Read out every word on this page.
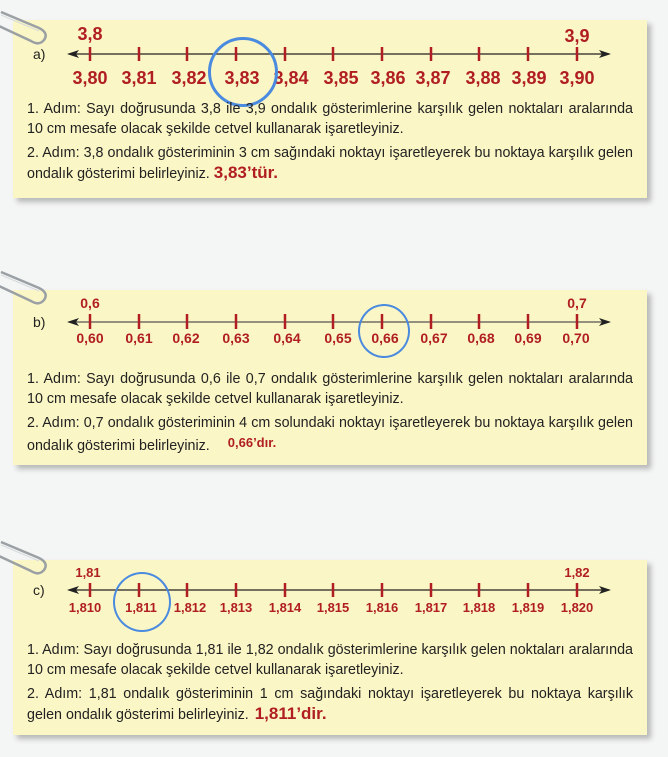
a)
3,8	3,9
3,80 3,81 3,82 3,83 3,84 3,85 3,86 3,87 3,88 3,89 3,90

1. Adım: Sayı doğrusunda 3,8 ile 3,9 ondalık gösterimlerine karşılık gelen noktaları aralarında 10 cm mesafe olacak şekilde cetvel kullanarak işaretleyiniz.

2. Adım: 3,8 ondalık gösteriminin 3 cm sağındaki noktayı işaretleyerek bu noktaya karşılık gelen ondalık gösterimi belirleyiniz. 3,83’tür.

b)
0,6	0,7
0,60 0,61 0,62 0,63 0,64 0,65 0,66 0,67 0,68 0,69 0,70

1. Adım: Sayı doğrusunda 0,6 ile 0,7 ondalık gösterimlerine karşılık gelen noktaları aralarında 10 cm mesafe olacak şekilde cetvel kullanarak işaretleyiniz.

2. Adım: 0,7 ondalık gösteriminin 4 cm solundaki noktayı işaretleyerek bu noktaya karşılık gelen ondalık gösterimi belirleyiniz. 0,66’dır.

c)
1,81	1,82
1,810 1,811 1,812 1,813 1,814 1,815 1,816 1,817 1,818 1,819 1,820

1. Adım: Sayı doğrusunda 1,81 ile 1,82 ondalık gösterimlerine karşılık gelen noktaları aralarında 10 cm mesafe olacak şekilde cetvel kullanarak işaretleyiniz.

2. Adım: 1,81 ondalık gösteriminin 1 cm sağındaki noktayı işaretleyerek bu noktaya karşılık gelen ondalık gösterimi belirleyiniz. 1,811’dir.
